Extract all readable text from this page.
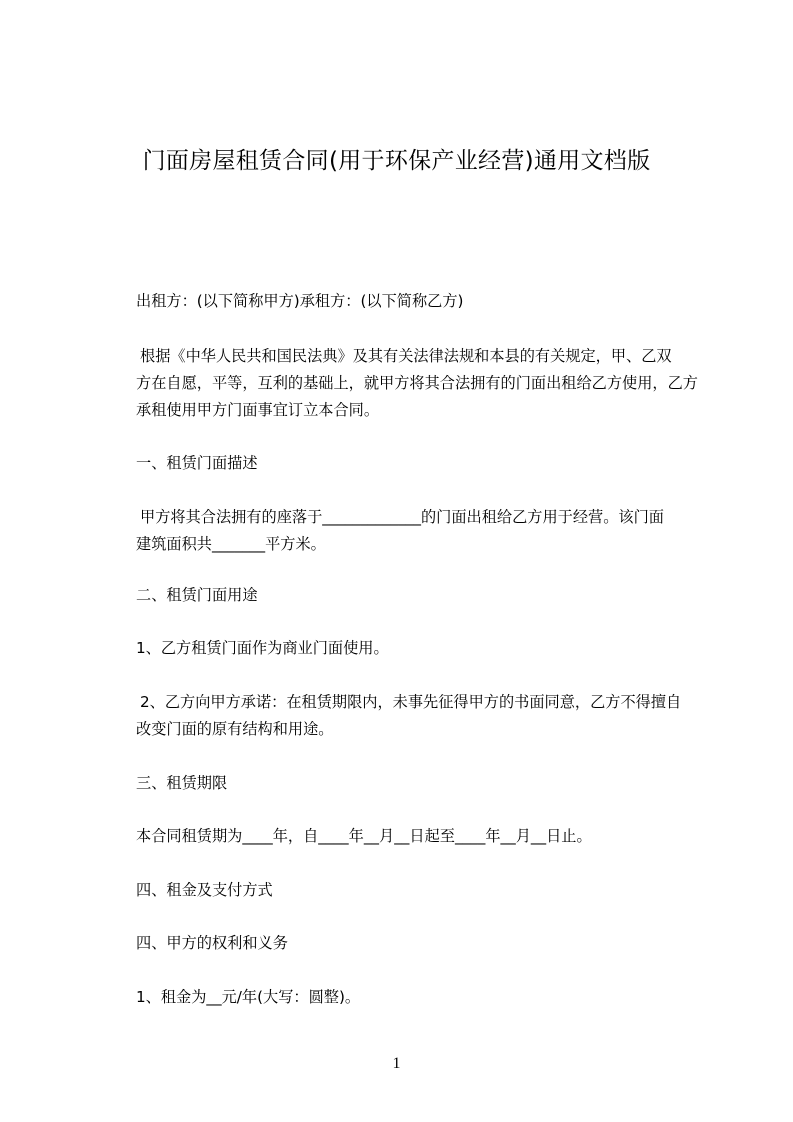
门面房屋租赁合同(用于环保产业经营)通用文档版
出租方：(以下简称甲方)承租方：(以下简称乙方)
根据《中华人民共和国民法典》及其有关法律法规和本县的有关规定，甲、乙双
方在自愿，平等，互利的基础上，就甲方将其合法拥有的门面出租给乙方使用，乙方
承租使用甲方门面事宜订立本合同。
一、租赁门面描述
甲方将其合法拥有的座落于_____________的门面出租给乙方用于经营。该门面
建筑面积共_______平方米。
二、租赁门面用途
1、乙方租赁门面作为商业门面使用。
2、乙方向甲方承诺：在租赁期限内，未事先征得甲方的书面同意，乙方不得擅自
改变门面的原有结构和用途。
三、租赁期限
本合同租赁期为____年，自____年__月__日起至____年__月__日止。
四、租金及支付方式
四、甲方的权利和义务
1、租金为__元/年(大写：圆整)。
1
